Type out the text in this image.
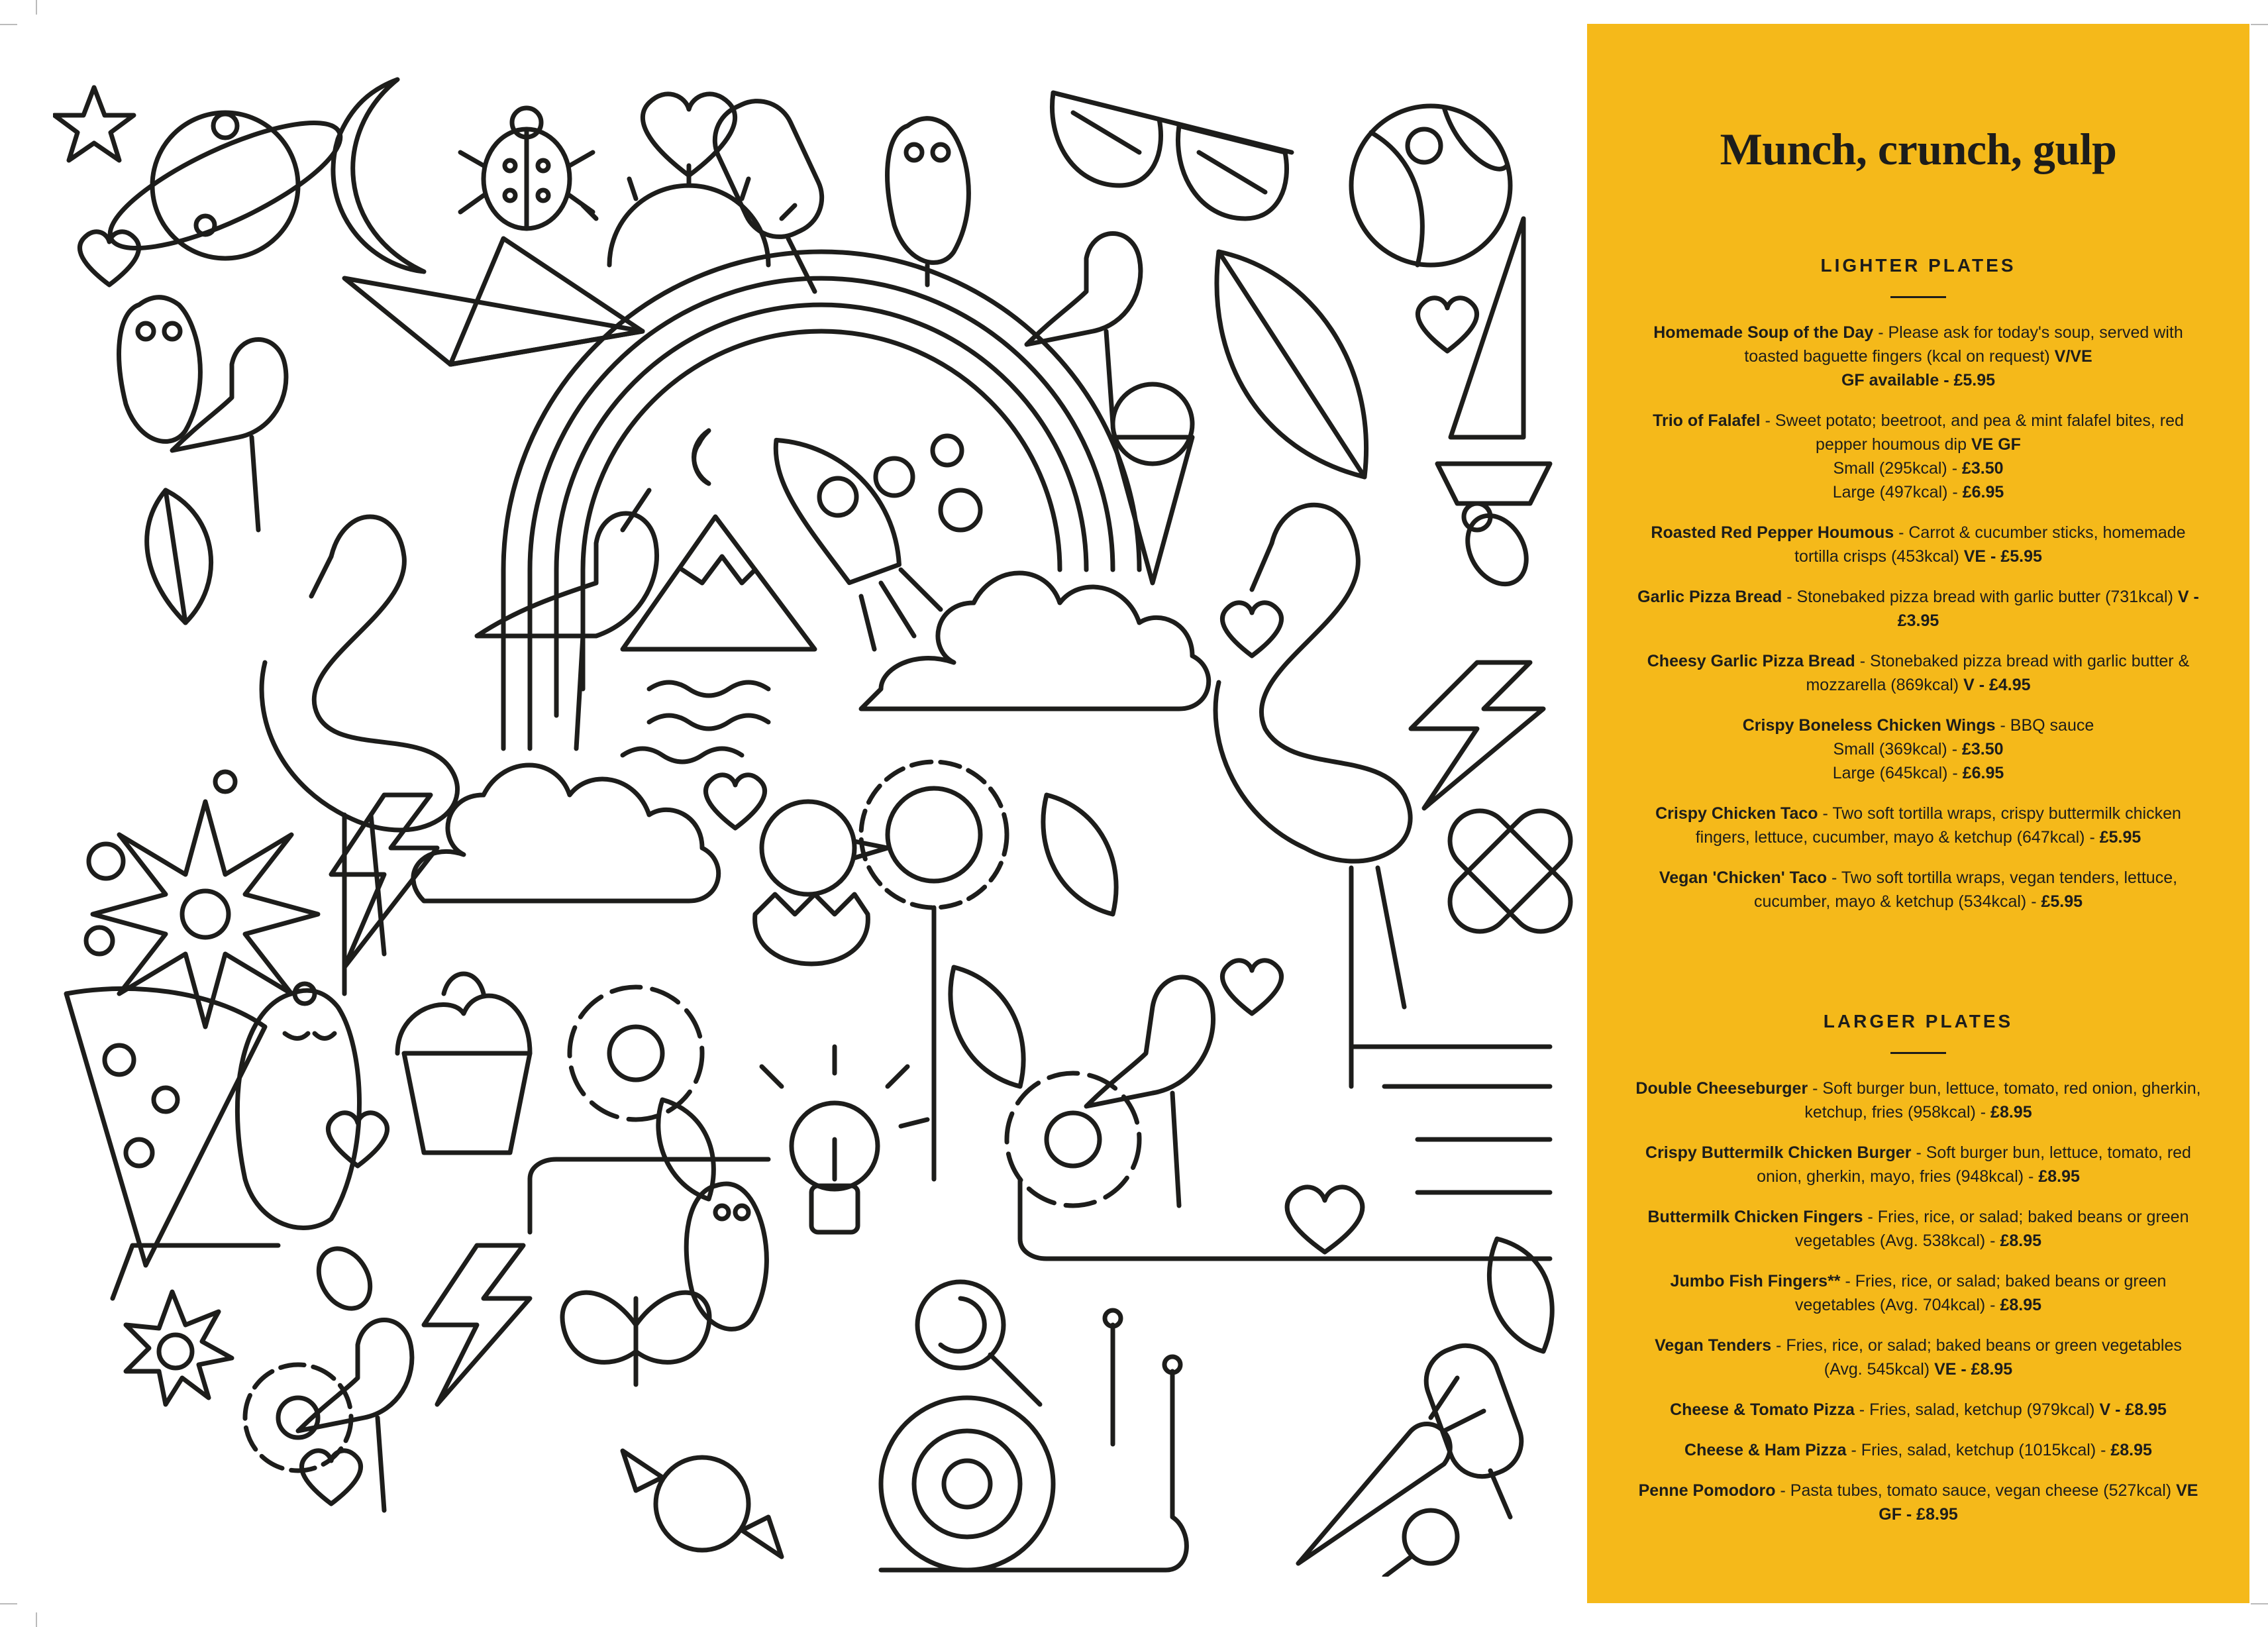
Munch, crunch, gulp
LIGHTER PLATES

Homemade Soup of the Day - Please ask for today's soup, served with toasted baguette fingers (kcal on request) V/VE
GF available - £5.95

Trio of Falafel - Sweet potato; beetroot, and pea & mint falafel bites, red pepper houmous dip VE GF
Small (295kcal) - £3.50
Large (497kcal) - £6.95

Roasted Red Pepper Houmous - Carrot & cucumber sticks, homemade tortilla crisps (453kcal) VE - £5.95

Garlic Pizza Bread - Stonebaked pizza bread with garlic butter (731kcal) V - £3.95

Cheesy Garlic Pizza Bread - Stonebaked pizza bread with garlic butter & mozzarella (869kcal) V - £4.95

Crispy Boneless Chicken Wings - BBQ sauce
Small (369kcal) - £3.50
Large (645kcal) - £6.95

Crispy Chicken Taco - Two soft tortilla wraps, crispy buttermilk chicken fingers, lettuce, cucumber, mayo & ketchup (647kcal) - £5.95

Vegan 'Chicken' Taco - Two soft tortilla wraps, vegan tenders, lettuce, cucumber, mayo & ketchup (534kcal) - £5.95

LARGER PLATES

Double Cheeseburger - Soft burger bun, lettuce, tomato, red onion, gherkin, ketchup, fries (958kcal) - £8.95

Crispy Buttermilk Chicken Burger - Soft burger bun, lettuce, tomato, red onion, gherkin, mayo, fries (948kcal) - £8.95

Buttermilk Chicken Fingers - Fries, rice, or salad; baked beans or green vegetables (Avg. 538kcal) - £8.95

Jumbo Fish Fingers** - Fries, rice, or salad; baked beans or green vegetables (Avg. 704kcal) - £8.95

Vegan Tenders - Fries, rice, or salad; baked beans or green vegetables (Avg. 545kcal) VE - £8.95

Cheese & Tomato Pizza - Fries, salad, ketchup (979kcal) V - £8.95

Cheese & Ham Pizza - Fries, salad, ketchup (1015kcal) - £8.95

Penne Pomodoro - Pasta tubes, tomato sauce, vegan cheese (527kcal) VE GF - £8.95
